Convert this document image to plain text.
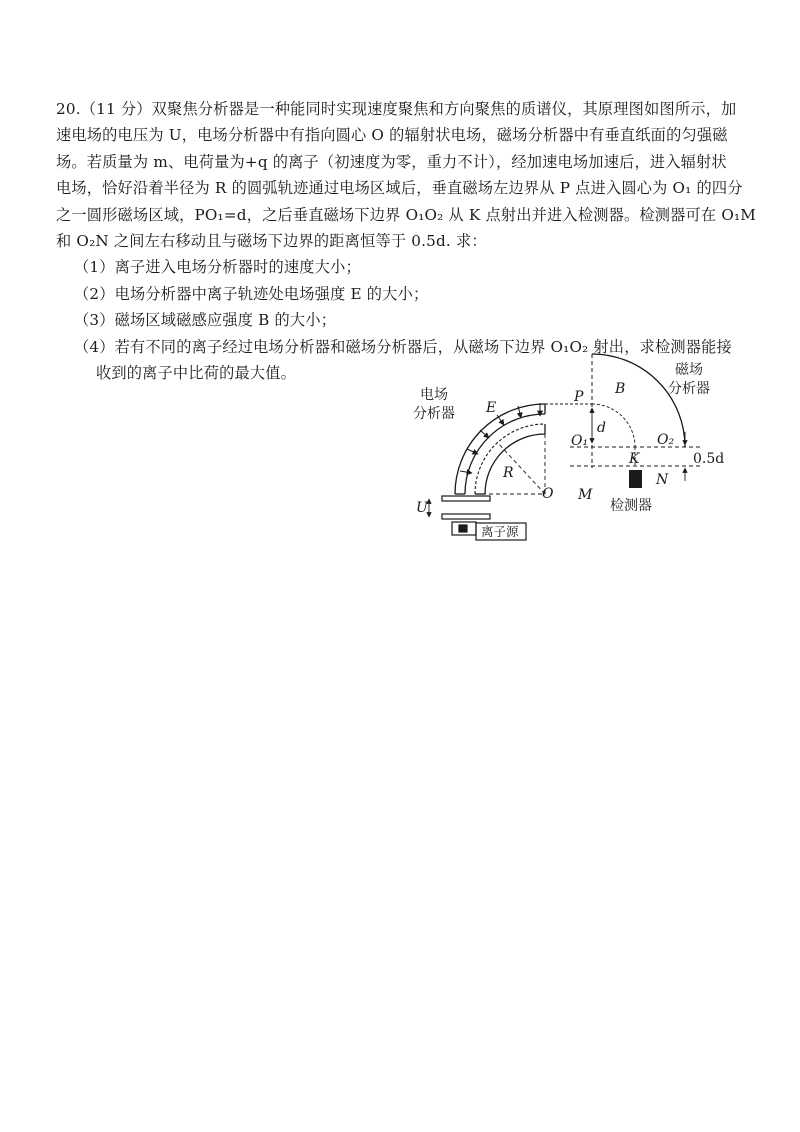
20.（11 分）双聚焦分析器是一种能同时实现速度聚焦和方向聚焦的质谱仪，其原理图如图所示，加
速电场的电压为 U，电场分析器中有指向圆心 O 的辐射状电场，磁场分析器中有垂直纸面的匀强磁
场。若质量为 m、电荷量为+q 的离子（初速度为零，重力不计），经加速电场加速后，进入辐射状
电场，恰好沿着半径为 R 的圆弧轨迹通过电场区域后，垂直磁场左边界从 P 点进入圆心为 O₁ 的四分
之一圆形磁场区域，PO₁=d，之后垂直磁场下边界 O₁O₂ 从 K 点射出并进入检测器。检测器可在 O₁M
和 O₂N 之间左右移动且与磁场下边界的距离恒等于 0.5d. 求：
（1）离子进入电场分析器时的速度大小；
（2）电场分析器中离子轨迹处电场强度 E 的大小；
（3）磁场区域磁感应强度 B 的大小；
（4）若有不同的离子经过电场分析器和磁场分析器后，从磁场下边界 O₁O₂ 射出，求检测器能接
收到的离子中比荷的最大值。
电场
分析器
磁场
分析器
E
R
O
P
d
O₁	O₂
B
K
M
N
0.5d
U	检测器
离子源
